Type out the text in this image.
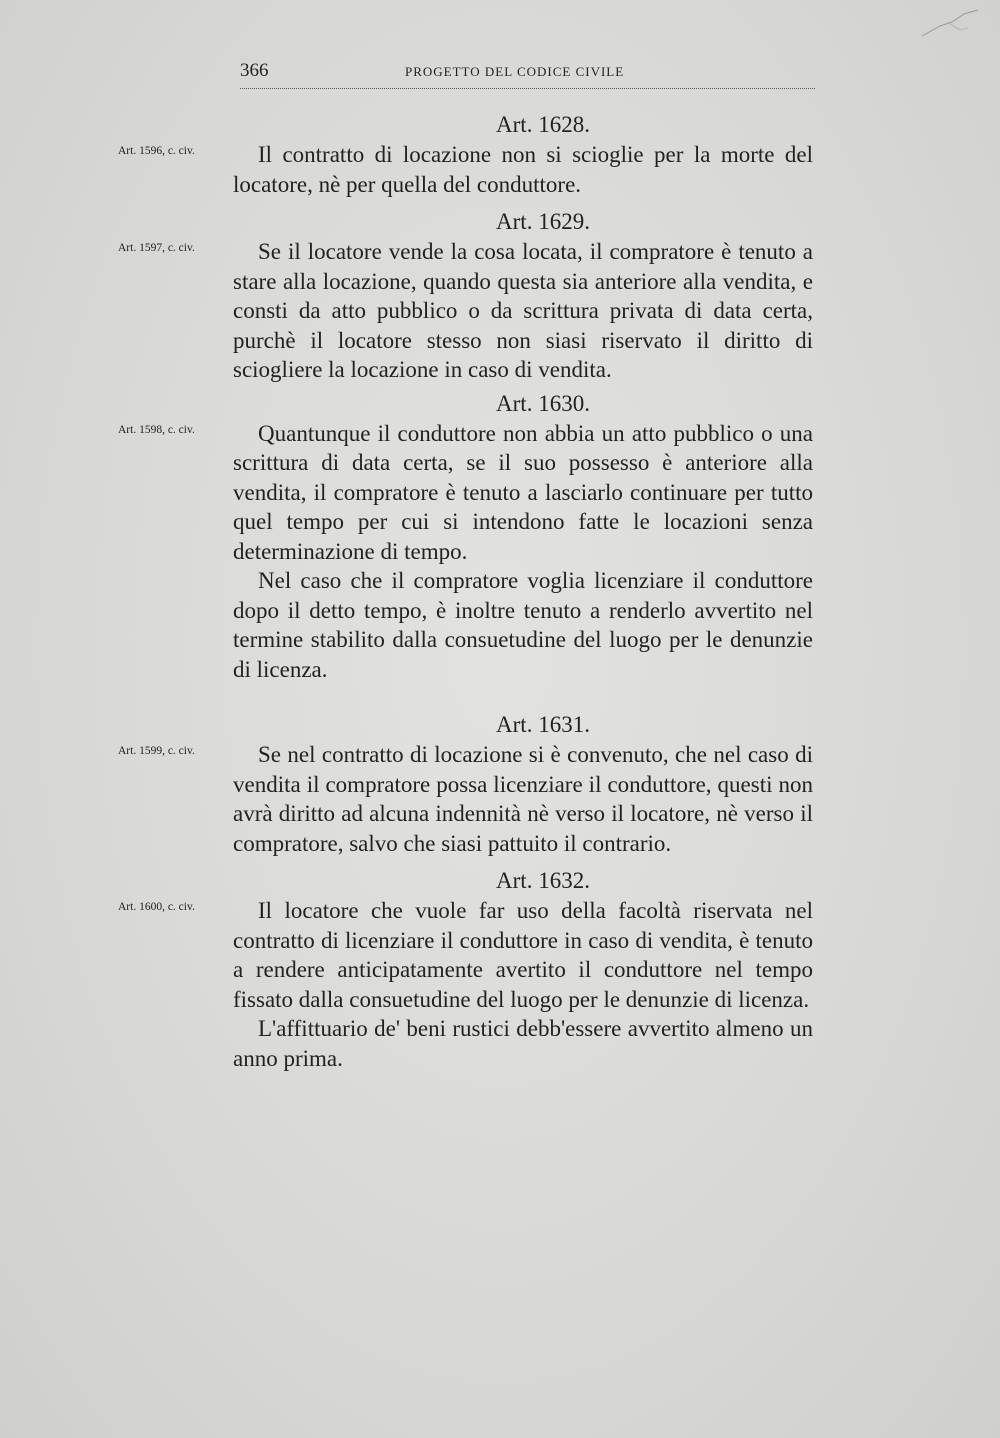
366	PROGETTO DEL CODICE CIVILE
Art. 1596, c. civ.
Art. 1628.

Il contratto di locazione non si scioglie per la morte del locatore, nè per quella del conduttore.

Art. 1597, c. civ.
Art. 1629.

Se il locatore vende la cosa locata, il compratore è tenuto a stare alla locazione, quando questa sia anteriore alla vendita, e consti da atto pubblico o da scrittura privata di data certa, purchè il locatore stesso non siasi riservato il diritto di sciogliere la locazione in caso di vendita.

Art. 1598, c. civ.
Art. 1630.

Quantunque il conduttore non abbia un atto pubblico o una scrittura di data certa, se il suo possesso è anteriore alla vendita, il compratore è tenuto a lasciarlo continuare per tutto quel tempo per cui si intendono fatte le locazioni senza determinazione di tempo.

Nel caso che il compratore voglia licenziare il conduttore dopo il detto tempo, è inoltre tenuto a renderlo avvertito nel termine stabilito dalla consuetudine del luogo per le denunzie di licenza.

Art. 1599, c. civ.
Art. 1631.

Se nel contratto di locazione si è convenuto, che nel caso di vendita il compratore possa licenziare il conduttore, questi non avrà diritto ad alcuna indennità nè verso il locatore, nè verso il compratore, salvo che siasi pattuito il contrario.

Art. 1600, c. civ.
Art. 1632.

Il locatore che vuole far uso della facoltà riservata nel contratto di licenziare il conduttore in caso di vendita, è tenuto a rendere anticipatamente avertito il conduttore nel tempo fissato dalla consuetudine del luogo per le denunzie di licenza.

L'affittuario de' beni rustici debb'essere avvertito almeno un anno prima.
